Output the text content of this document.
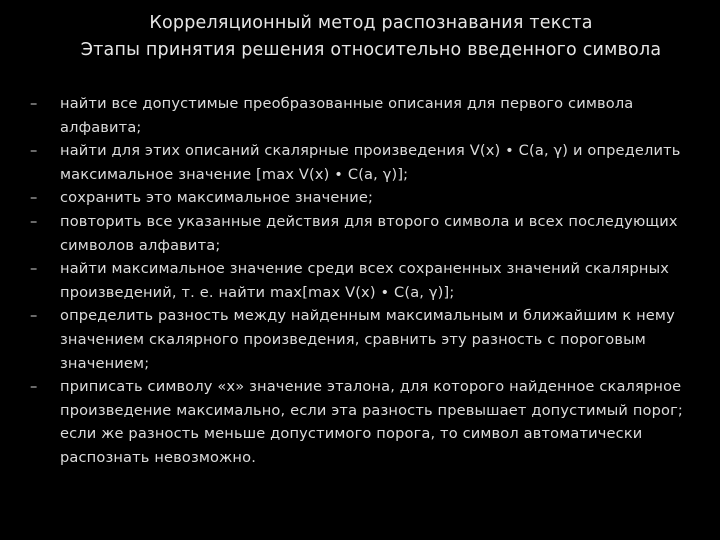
Корреляционный метод распознавания текста
Этапы принятия решения относительно введенного символа
–	найти все допустимые преобразованные описания для первого символа алфавита;
–	найти для этих описаний скалярные произведения V(x) • C(a, γ) и определить максимальное значение [max V(x) • C(a, γ)];
–	сохранить это максимальное значение;
–	повторить все указанные действия для второго символа и всех последующих символов алфавита;
–	найти максимальное значение среди всех сохраненных значений скалярных произведений, т. е. найти max[max V(x) • C(a, γ)];
–	определить разность между найденным максимальным и ближайшим к нему значением скалярного произведения, сравнить эту разность с пороговым значением;
–	приписать символу «x» значение эталона, для которого найденное скалярное произведение максимально, если эта разность превышает допустимый порог; если же разность меньше допустимого порога, то символ автоматически распознать невозможно.
